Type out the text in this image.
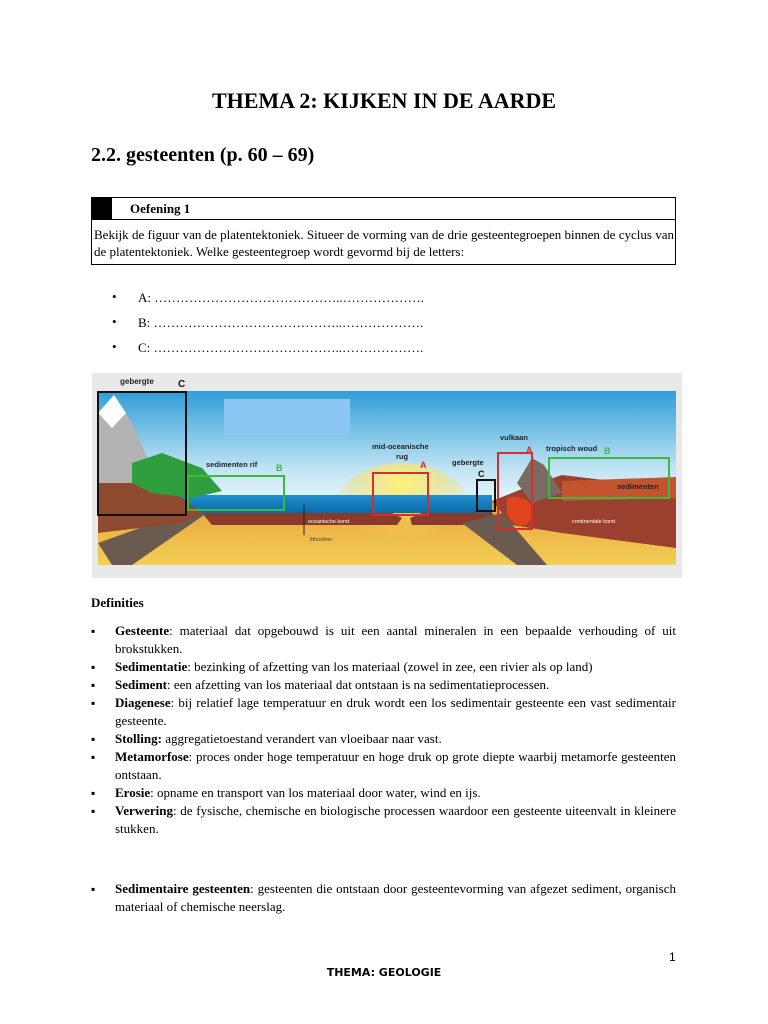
THEMA 2: KIJKEN IN DE AARDE
2.2. gesteenten (p. 60 – 69)
Oefening 1
Bekijk de figuur van de platentektoniek. Situeer de vorming van de drie gesteentegroepen binnen de cyclus van de platentektoniek. Welke gesteentegroep wordt gevormd bij de letters:
• A: ……………………………………..……………….
• B: ……………………………………..……………….
• C: ……………………………………..……………….
gebergte
sedimenten rif
mid-oceanische
rug
vulkaan
gebergte
tropisch woud
sedimenten
oceanische korst
lithosfeer
continentale korst
C
B	A
C
A	B
Definities
▪ Gesteente: materiaal dat opgebouwd is uit een aantal mineralen in een bepaalde verhouding of uit brokstukken.
▪ Sedimentatie: bezinking of afzetting van los materiaal (zowel in zee, een rivier als op land)
▪ Sediment: een afzetting van los materiaal dat ontstaan is na sedimentatieprocessen.
▪ Diagenese: bij relatief lage temperatuur en druk wordt een los sedimentair gesteente een vast sedimentair gesteente.
▪ Stolling: aggregatietoestand verandert van vloeibaar naar vast.
▪ Metamorfose: proces onder hoge temperatuur en hoge druk op grote diepte waarbij metamorfe gesteenten ontstaan.
▪ Erosie: opname en transport van los materiaal door water, wind en ijs.
▪ Verwering: de fysische, chemische en biologische processen waardoor een gesteente uiteenvalt in kleinere stukken.
▪ Sedimentaire gesteenten: gesteenten die ontstaan door gesteentevorming van afgezet sediment, organisch materiaal of chemische neerslag.
1
THEMA: GEOLOGIE
